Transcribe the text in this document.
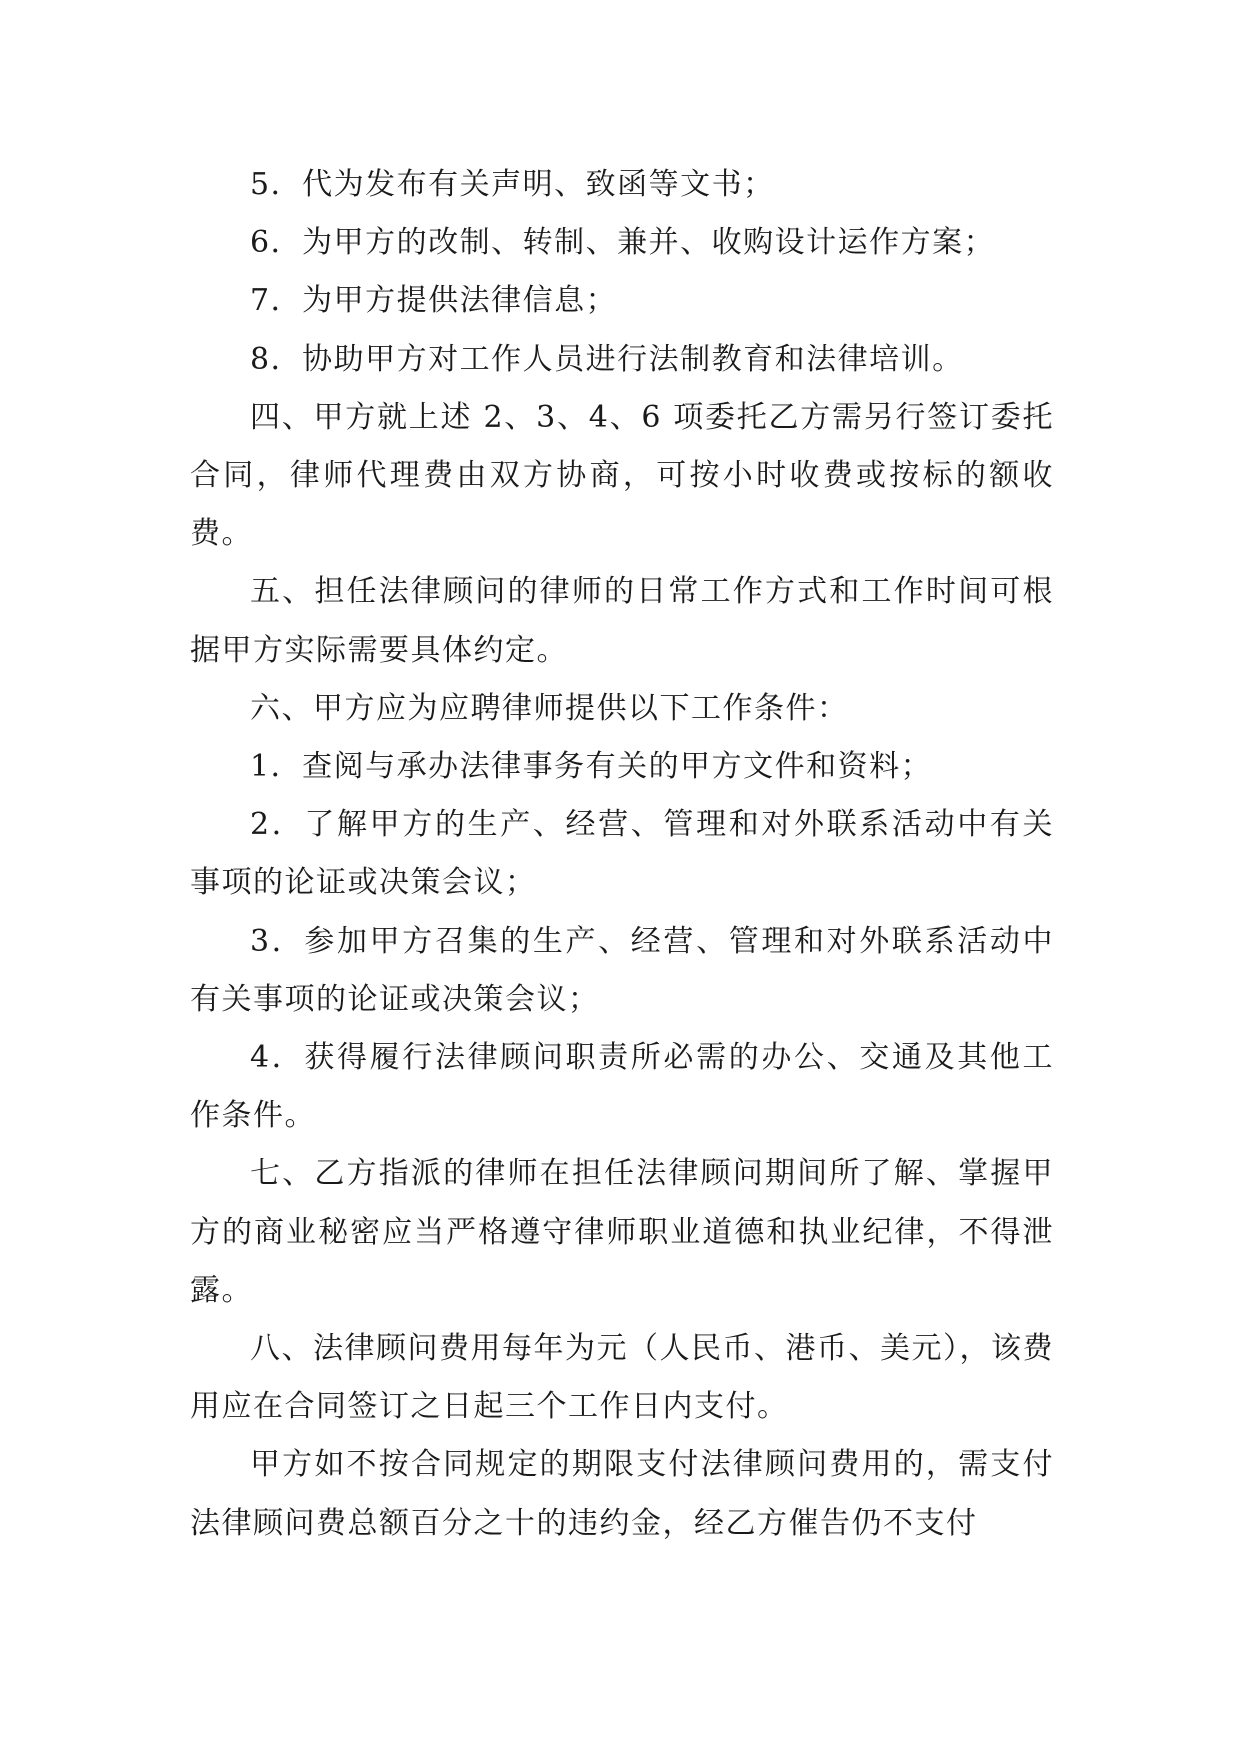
5．代为发布有关声明、致函等文书；

6．为甲方的改制、转制、兼并、收购设计运作方案；

7．为甲方提供法律信息；

8．协助甲方对工作人员进行法制教育和法律培训。

四、甲方就上述 2、3、4、6 项委托乙方需另行签订委托合同，律师代理费由双方协商，可按小时收费或按标的额收费。

五、担任法律顾问的律师的日常工作方式和工作时间可根据甲方实际需要具体约定。

六、甲方应为应聘律师提供以下工作条件：

1．查阅与承办法律事务有关的甲方文件和资料；

2．了解甲方的生产、经营、管理和对外联系活动中有关事项的论证或决策会议；

3．参加甲方召集的生产、经营、管理和对外联系活动中有关事项的论证或决策会议；

4．获得履行法律顾问职责所必需的办公、交通及其他工作条件。

七、乙方指派的律师在担任法律顾问期间所了解、掌握甲方的商业秘密应当严格遵守律师职业道德和执业纪律，不得泄露。

八、法律顾问费用每年为元（人民币、港币、美元），该费用应在合同签订之日起三个工作日内支付。

甲方如不按合同规定的期限支付法律顾问费用的，需支付法律顾问费总额百分之十的违约金，经乙方催告仍不支付
